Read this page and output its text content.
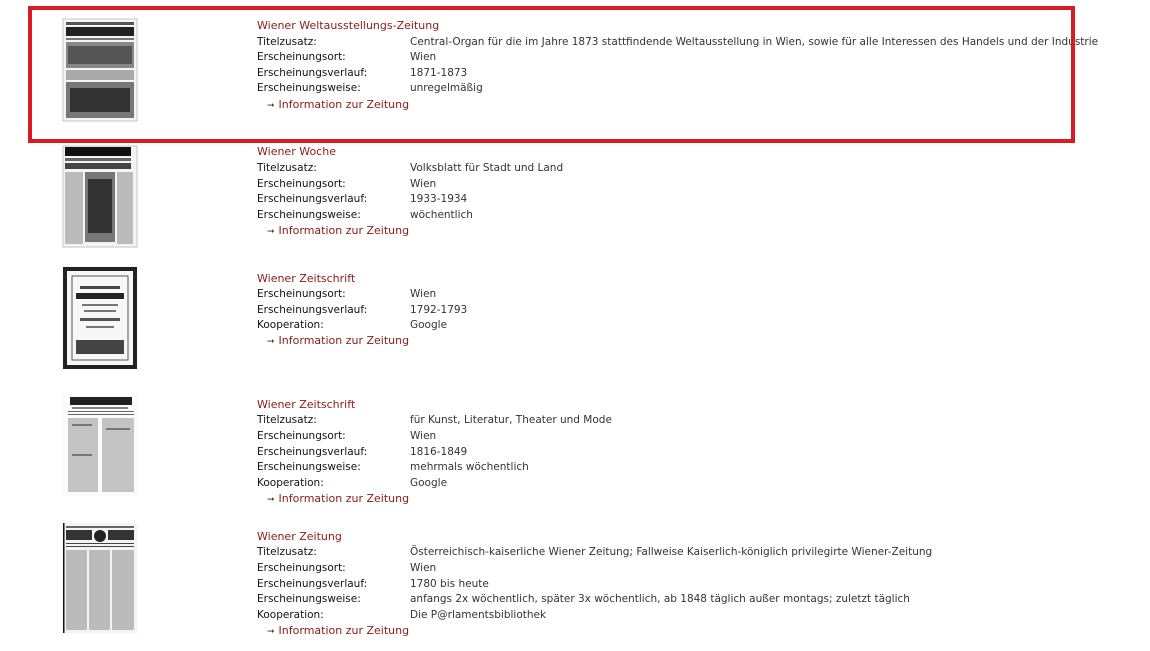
Wiener Weltausstellungs-Zeitung
Titelzusatz:	Central-Organ für die im Jahre 1873 stattfindende Weltausstellung in Wien, sowie für alle Interessen des Handels und der Industrie
Erscheinungsort:	Wien
Erscheinungsverlauf:	1871-1873
Erscheinungsweise:	unregelmäßig
➞ Information zur Zeitung
Wiener Woche
Titelzusatz:	Volksblatt für Stadt und Land
Erscheinungsort:	Wien
Erscheinungsverlauf:	1933-1934
Erscheinungsweise:	wöchentlich
➞ Information zur Zeitung
Wiener Zeitschrift
Erscheinungsort:	Wien
Erscheinungsverlauf:	1792-1793
Kooperation:	Google
➞ Information zur Zeitung
Wiener Zeitschrift
Titelzusatz:	für Kunst, Literatur, Theater und Mode
Erscheinungsort:	Wien
Erscheinungsverlauf:	1816-1849
Erscheinungsweise:	mehrmals wöchentlich
Kooperation:	Google
➞ Information zur Zeitung
Wiener Zeitung
Titelzusatz:	Österreichisch-kaiserliche Wiener Zeitung; Fallweise Kaiserlich-königlich privilegirte Wiener-Zeitung
Erscheinungsort:	Wien
Erscheinungsverlauf:	1780 bis heute
Erscheinungsweise:	anfangs 2x wöchentlich, später 3x wöchentlich, ab 1848 täglich außer montags; zuletzt täglich
Kooperation:	Die P@rlamentsbibliothek
➞ Information zur Zeitung
